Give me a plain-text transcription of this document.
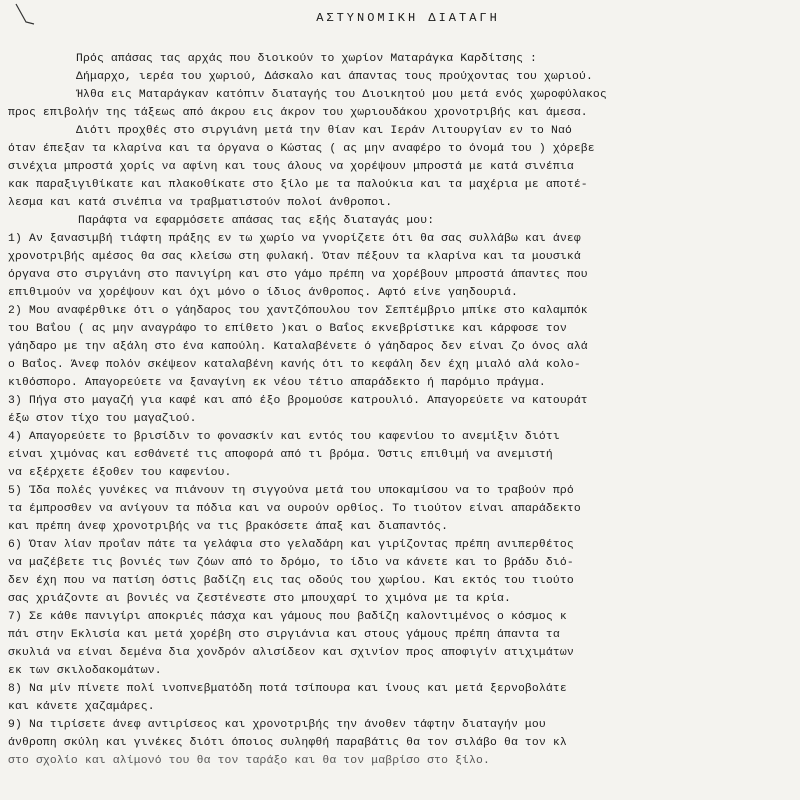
ΑΣΤΥΝΟΜΙΚΗ ΔΙΑΤΑΓΗ
Πρός απάσας τας αρχάς που διοικούν το χωρίον Ματαράγκα Καρδίτσης :
Δήμαρχο, ιερέα του χωριού, Δάσκαλο και άπαντας τους προύχοντας του χωριού.
Ήλθα εις Ματαράγκαν κατόπιν διαταγής του Διοικητού μου μετά ενός χωροφύλακος
προς επιβολήν της τάξεως από άκρου εις άκρον του χωριουδάκου χρονοτριβής και άμεσα.
Διότι προχθές στο σιργιάνη μετά την θίαν και Ιεράν Λιτουργίαν εν το Ναό
όταν έπεξαν τα κλαρίνα και τα όργανα ο Κώστας ( ας μην αναφέρο το όνομά του ) χόρεβε
σινέχια μπροστά χορίς να αφίνη και τους άλους να χορέψουν μπροστά με κατά σινέπια
κακ παραξιγιθίκατε και πλακοθίκατε στο ξίλο με τα παλούκια και τα μαχέρια με αποτέ-
λεσμα και κατά σινέπια να τραβματιστούν πολοί άνθροποι.
Παράφτα να εφαρμόσετε απάσας τας εξής διαταγάς μου:
1) Αν ξανασιμβή τιάφτη πράξης εν τω χωρίο να γνορίζετε ότι θα σας συλλάβω και άνεφ
χρονοτριβής αμέσος θα σας κλείσω στη φυλακή. Όταν πέξουν τα κλαρίνα και τα μουσικά
όργανα στο σιργιάνη στο πανιγίρη και στο γάμο πρέπη να χορέβουν μπροστά άπαντες που
επιθιμούν να χορέψουν και όχι μόνο ο ίδιος άνθροπος. Αφτό είνε γαηδουριά.
2) Μου αναφέρθικε ότι ο γάηδαρος του χαντζόπουλου τον Σεπτέμβριο μπίκε στο καλαμπόκ
του Βαΐου ( ας μην αναγράφο το επίθετο )και ο Βαΐος εκνεβρίστικε και κάρφοσε τον
γάηδαρο με την αξάλη στο ένα καπούλη. Καταλαβένετε ό γάηδαρος δεν είναι ζο όνος αλά
ο Βαΐος. Άνεφ πολόν σκέψεον καταλαβένη κανής ότι το κεφάλη δεν έχη μιαλό αλά κολο-
κιθόσπορο. Απαγορεύετε να ξαναγίνη εκ νέου τέτιο απαράδεκτο ή παρόμιο πράγμα.
3) Πήγα στο μαγαζή για καφέ και από έξο βρομούσε κατρουλιό. Απαγορεύετε να κατουράτ
έξω στον τίχο του μαγαζιού.
4) Απαγορεύετε το βρισίδιν το φονασκίν και εντός του καφενίου το ανεμίξιν διότι
είναι χιμόνας και εσθάνετέ τις αποφορά από τι βρόμα. Όστις επιθιμή να ανεμιστή
να εξέρχετε έξοθεν του καφενίου.
5) Ίδα πολές γυνέκες να πιάνουν τη σιγγούνα μετά του υποκαμίσου να το τραβούν πρό
τα έμπροσθεν να ανίγουν τα πόδια και να ουρούν ορθίος. Το τιούτον είναι απαράδεκτο
και πρέπη άνεφ χρονοτριβής να τις βρακόσετε άπαξ και διαπαντός.
6) Όταν λίαν προΐαν πάτε τα γελάφια στο γελαδάρη και γιρίζοντας πρέπη ανιπερθέτος
να μαζέβετε τις βονιές των ζόων από το δρόμο, το ίδιο να κάνετε και το βράδυ διό-
δεν έχη που να πατίση όστις βαδίζη εις τας οδούς του χωρίου. Και εκτός του τιούτο
σας χριάζοντε αι βονιές να ζεστένεστε στο μπουχαρί το χιμόνα με τα κρία.
7) Σε κάθε πανιγίρι αποκριές πάσχα και γάμους που βαδίζη καλοντιμένος ο κόσμος κ
πάι στην Εκλισία και μετά χορέβη στο σιργιάνια και στους γάμους πρέπη άπαντα τα
σκυλιά να είναι δεμένα δια χονδρόν αλισίδεον και σχινίον προς αποφιγίν ατιχιμάτων
εκ των σκιλοδακομάτων.
8) Να μίν πίνετε πολί ινοπνεβματόδη ποτά τσίπουρα και ίνους και μετά ξερνοβολάτε
και κάνετε χαζαμάρες.
9) Να τιρίσετε άνεφ αντιρίσεος και χρονοτριβής την άνοθεν τάφτην διαταγήν μου
άνθροπη σκύλη και γινέκες διότι όποιος συληφθή παραβάτις θα τον σιλάβο θα τον κλ
στο σχολίο και αλίμονό του θα τον ταράξο και θα τον μαβρίσο στο ξίλο.
